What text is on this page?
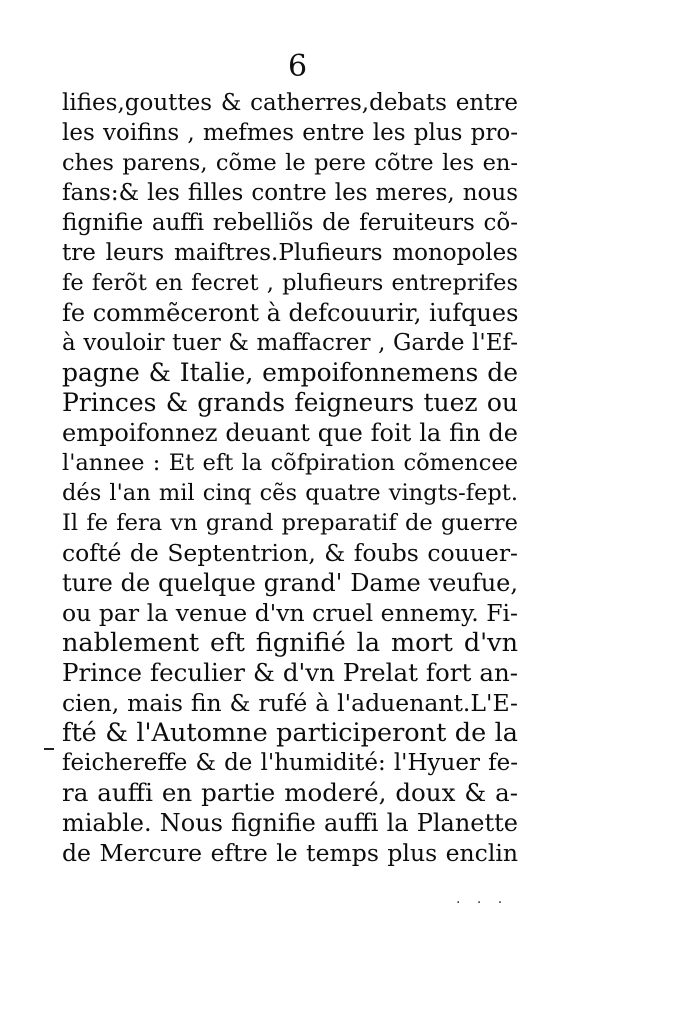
6
lifies,gouttes & catherres,debats entre
les voifins , mefmes entre les plus pro-
ches parens, cõme le pere cõtre les en-
fans:& les filles contre les meres, nous
fignifie auffi rebelliõs de feruiteurs cõ-
tre leurs maiftres.Plufieurs monopoles
fe ferõt en fecret , plufieurs entreprifes
fe commẽceront à defcouurir, iufques
à vouloir tuer & maffacrer , Garde l'Ef-
pagne & Italie, empoifonnemens de
Princes & grands feigneurs tuez ou
empoifonnez deuant que foit la fin de
l'annee : Et eft la cõfpiration cõmencee
dés l'an mil cinq cẽs quatre vingts-fept.
Il fe fera vn grand preparatif de guerre
cofté de Septentrion, & foubs couuer-
ture de quelque grand' Dame veufue,
ou par la venue d'vn cruel ennemy. Fi-
nablement eft fignifié la mort d'vn
Prince feculier & d'vn Prelat fort an-
cien, mais fin & rufé à l'aduenant.L'E-
fté & l'Automne participeront de la
feichereffe & de l'humidité: l'Hyuer fe-
ra auffi en partie moderé, doux & a-
miable. Nous fignifie auffi la Planette
de Mercure eftre le temps plus enclin
· · ·
